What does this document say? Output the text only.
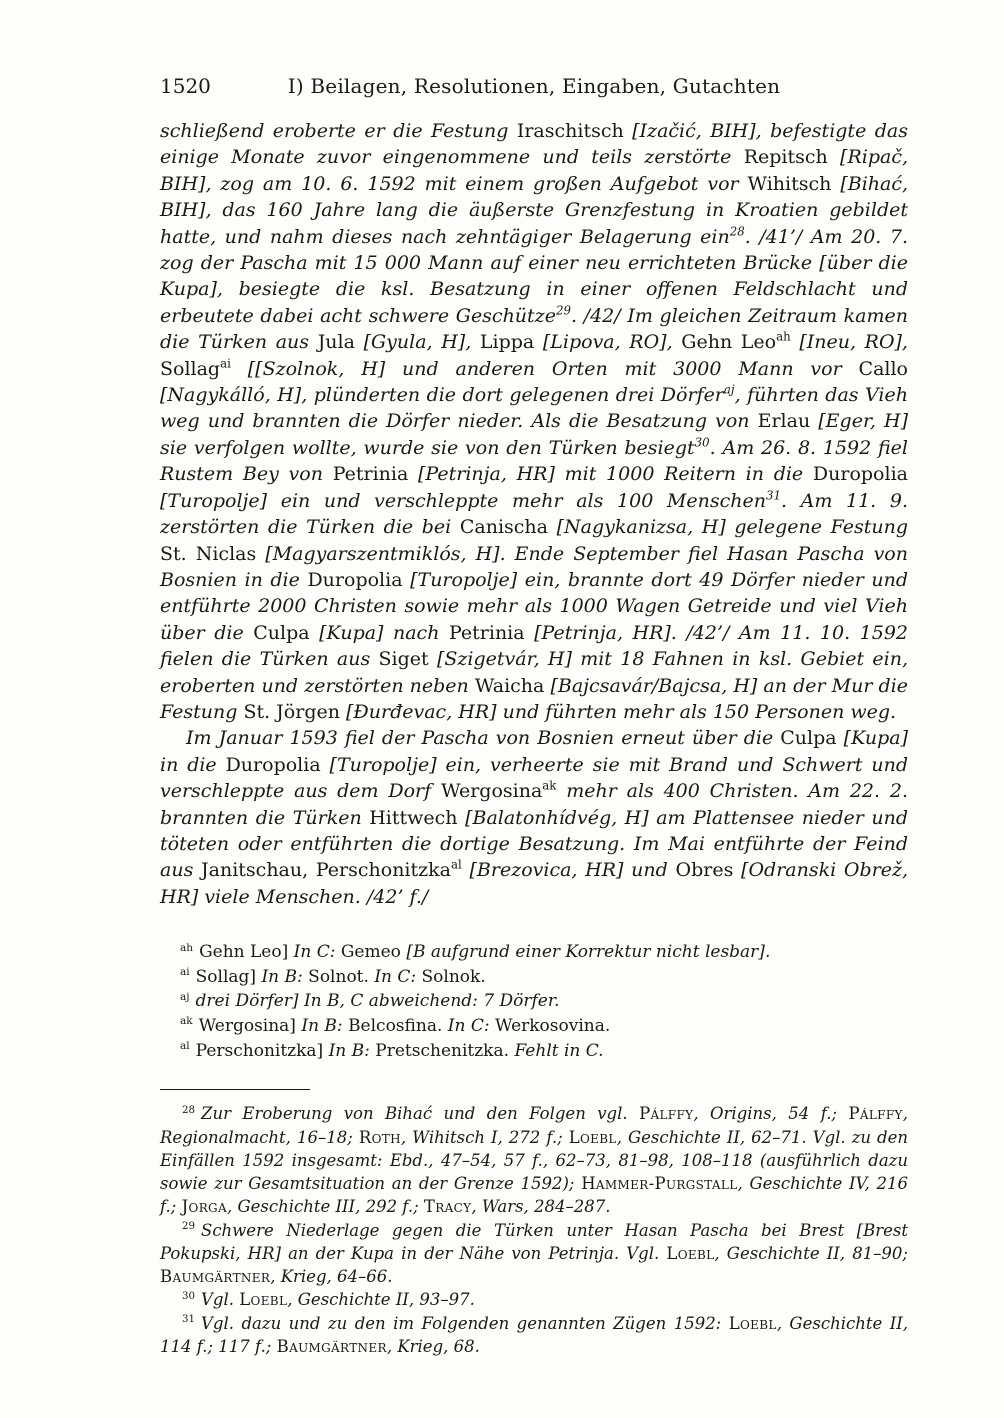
1520	I) Beilagen, Resolutionen, Eingaben, Gutachten

schließend eroberte er die Festung Iraschitsch [Izačić, BIH], befestigte das einige Monate zuvor eingenommene und teils zerstörte Repitsch [Ripač, BIH], zog am 10. 6. 1592 mit einem großen Aufgebot vor Wihitsch [Bihać, BIH], das 160 Jahre lang die äußerste Grenzfestung in Kroatien gebildet hatte, und nahm dieses nach zehntägiger Belagerung ein$^{28}$. /41’/ Am 20. 7. zog der Pascha mit 15 000 Mann auf einer neu errichteten Brücke [über die Kupa], besiegte die ksl. Besatzung in einer offenen Feldschlacht und erbeutete dabei acht schwere Geschütze$^{29}$. /42/ Im gleichen Zeitraum kamen die Türken aus Jula [Gyula, H], Lippa [Lipova, RO], Gehn Leo$^{ah}$ [Ineu, RO], Sollag$^{ai}$ [[Szolnok, H] und anderen Orten mit 3000 Mann vor Callo [Nagykálló, H], plünderten die dort gelegenen drei Dörfer$^{aj}$, führten das Vieh weg und brannten die Dörfer nieder. Als die Besatzung von Erlau [Eger, H] sie verfolgen wollte, wurde sie von den Türken besiegt$^{30}$. Am 26. 8. 1592 fiel Rustem Bey von Petrinia [Petrinja, HR] mit 1000 Reitern in die Duropolia [Turopolje] ein und verschleppte mehr als 100 Menschen$^{31}$. Am 11. 9. zerstörten die Türken die bei Canischa [Nagykanizsa, H] gelegene Festung St. Niclas [Magyarszentmiklós, H]. Ende September fiel Hasan Pascha von Bosnien in die Duropolia [Turopolje] ein, brannte dort 49 Dörfer nieder und entführte 2000 Christen sowie mehr als 1000 Wagen Getreide und viel Vieh über die Culpa [Kupa] nach Petrinia [Petrinja, HR]. /42’/ Am 11. 10. 1592 fielen die Türken aus Siget [Szigetvár, H] mit 18 Fahnen in ksl. Gebiet ein, eroberten und zerstörten neben Waicha [Bajcsavár/Bajcsa, H] an der Mur die Festung St. Jörgen [Đurđevac, HR] und führten mehr als 150 Personen weg.

Im Januar 1593 fiel der Pascha von Bosnien erneut über die Culpa [Kupa] in die Duropolia [Turopolje] ein, verheerte sie mit Brand und Schwert und verschleppte aus dem Dorf Wergosina$^{ak}$ mehr als 400 Christen. Am 22. 2. brannten die Türken Hittwech [Balatonhídvég, H] am Plattensee nieder und töteten oder entführten die dortige Besatzung. Im Mai entführte der Feind aus Janitschau, Perschonitzka$^{al}$ [Brezovica, HR] und Obres [Odranski Obrež, HR] viele Menschen. /42’ f./

$^{ah}$ Gehn Leo] In C: Gemeo [B aufgrund einer Korrektur nicht lesbar].

$^{ai}$ Sollag] In B: Solnot. In C: Solnok.

$^{aj}$ drei Dörfer] In B, C abweichend: 7 Dörfer.

$^{ak}$ Wergosina] In B: Belcosfina. In C: Werkosovina.

$^{al}$ Perschonitzka] In B: Pretschenitzka. Fehlt in C.

$^{28}$ Zur Eroberung von Bihać und den Folgen vgl. Pálffy, Origins, 54 f.; Pálffy, Regionalmacht, 16–18; Roth, Wihitsch I, 272 f.; Loebl, Geschichte II, 62–71. Vgl. zu den Einfällen 1592 insgesamt: Ebd., 47–54, 57 f., 62–73, 81–98, 108–118 (ausführlich dazu sowie zur Gesamtsituation an der Grenze 1592); Hammer-Purgstall, Geschichte IV, 216 f.; Jorga, Geschichte III, 292 f.; Tracy, Wars, 284–287.

$^{29}$ Schwere Niederlage gegen die Türken unter Hasan Pascha bei Brest [Brest Pokupski, HR] an der Kupa in der Nähe von Petrinja. Vgl. Loebl, Geschichte II, 81–90; Baumgärtner, Krieg, 64–66.

$^{30}$ Vgl. Loebl, Geschichte II, 93–97.

$^{31}$ Vgl. dazu und zu den im Folgenden genannten Zügen 1592: Loebl, Geschichte II, 114 f.; 117 f.; Baumgärtner, Krieg, 68.
